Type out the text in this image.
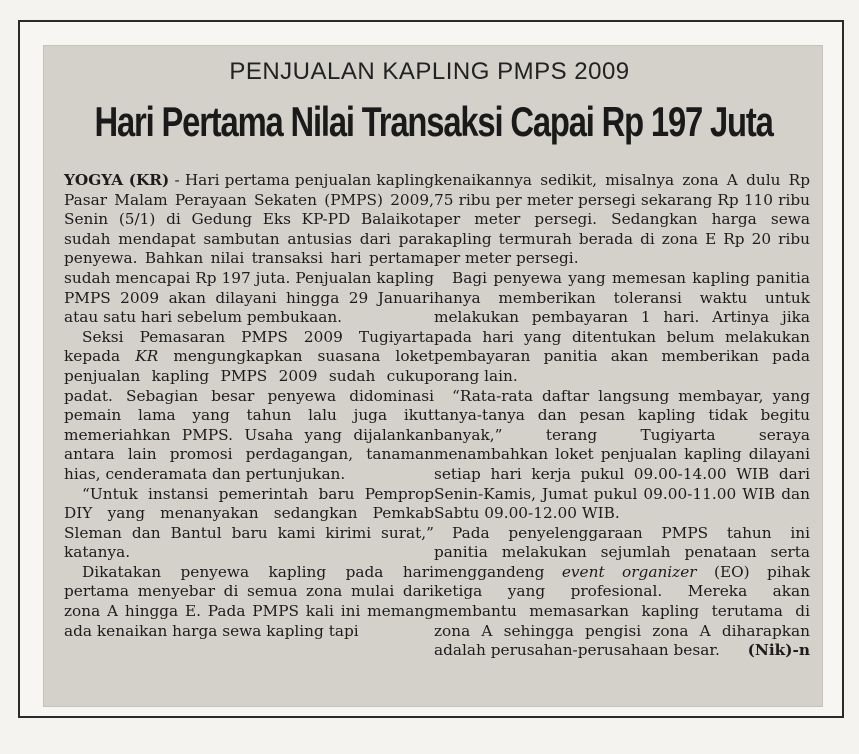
PENJUALAN KAPLING PMPS 2009
Hari Pertama Nilai Transaksi Capai Rp 197 Juta

YOGYA (KR) - Hari pertama penjualan kapling Pasar Malam Perayaan Sekaten (PMPS) 2009, Senin (5/1) di Gedung Eks KP-PD Balaikota sudah mendapat sambutan antusias dari para penyewa. Bahkan nilai transaksi hari pertama sudah mencapai Rp 197 juta. Penjualan kapling PMPS 2009 akan dilayani hingga 29 Januari atau satu hari sebelum pembukaan.

Seksi Pemasaran PMPS 2009 Tugiyarta kepada KR mengungkapkan suasana loket penjualan kapling PMPS 2009 sudah cukup padat. Sebagian besar penyewa didominasi pemain lama yang tahun lalu juga ikut memeriahkan PMPS. Usaha yang dijalankan antara lain promosi perdagangan, tanaman hias, cenderamata dan pertunjukan.

“Untuk instansi pemerintah baru Pemprop DIY yang menanyakan sedangkan Pemkab Sleman dan Bantul baru kami kirimi surat,” katanya.

Dikatakan penyewa kapling pada hari pertama menyebar di semua zona mulai dari zona A hingga E. Pada PMPS kali ini memang ada kenaikan harga sewa kapling tapi

kenaikannya sedikit, misalnya zona A dulu Rp 75 ribu per meter persegi sekarang Rp 110 ribu per meter persegi. Sedangkan harga sewa kapling termurah berada di zona E Rp 20 ribu per meter persegi.

Bagi penyewa yang memesan kapling panitia hanya memberikan toleransi waktu untuk melakukan pembayaran 1 hari. Artinya jika pada hari yang ditentukan belum melakukan pembayaran panitia akan memberikan pada orang lain.

“Rata-rata daftar langsung membayar, yang tanya-tanya dan pesan kapling tidak begitu banyak,” terang Tugiyarta seraya menambahkan loket penjualan kapling dilayani setiap hari kerja pukul 09.00-14.00 WIB dari Senin-Kamis, Jumat pukul 09.00-11.00 WIB dan Sabtu 09.00-12.00 WIB.

Pada penyelenggaraan PMPS tahun ini panitia melakukan sejumlah penataan serta menggandeng event organizer (EO) pihak ketiga yang profesional. Mereka akan membantu memasarkan kapling terutama di zona A sehingga pengisi zona A diharapkan adalah perusahan-perusahaan besar.	(Nik)-n
